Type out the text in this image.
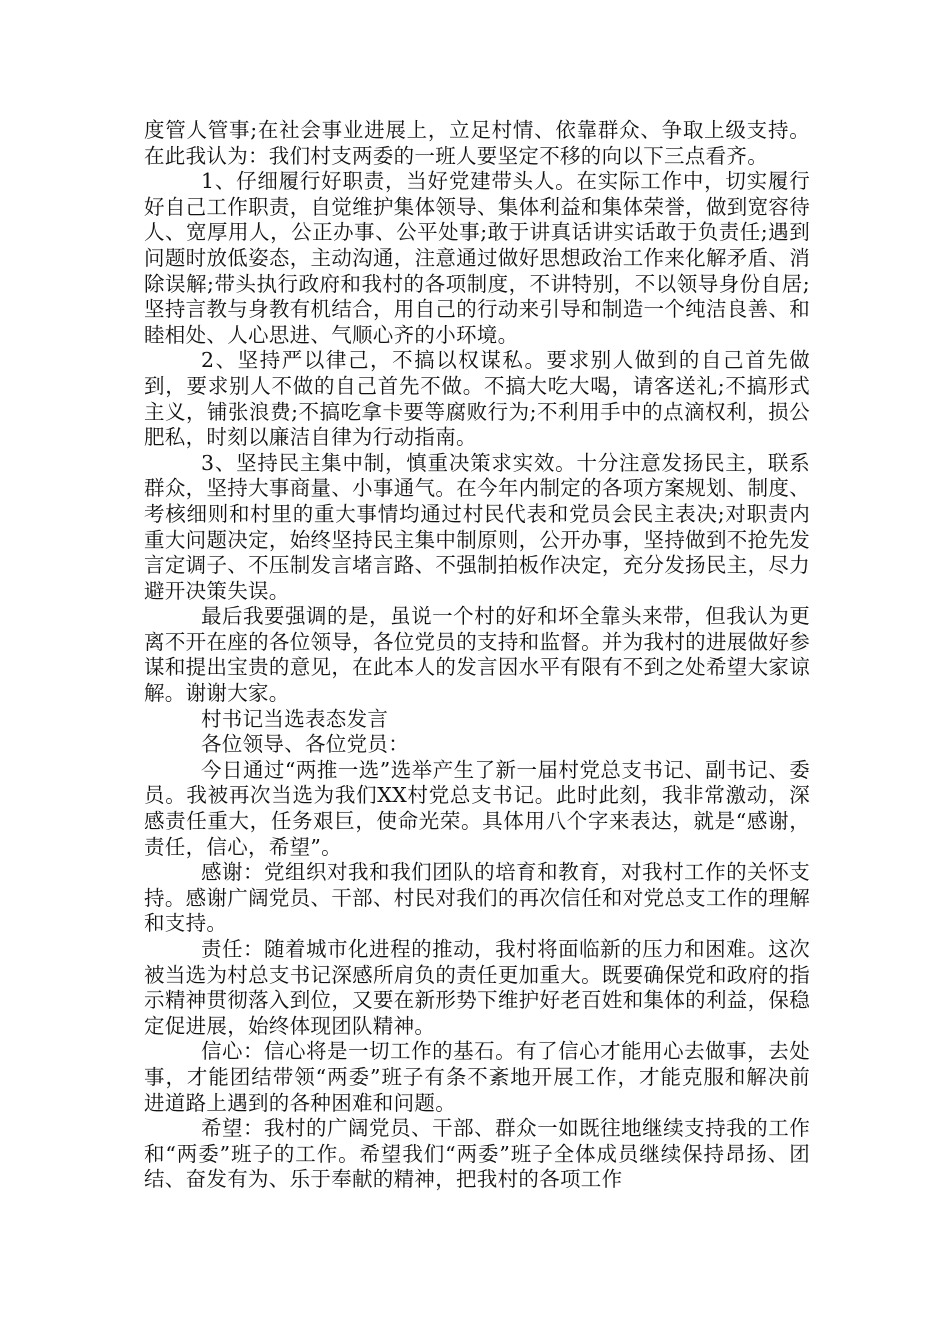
度管人管事;在社会事业进展上，立足村情、依靠群众、争取上级支持。在此我认为：我们村支两委的一班人要坚定不移的向以下三点看齐。

1、仔细履行好职责，当好党建带头人。在实际工作中，切实履行好自己工作职责，自觉维护集体领导、集体利益和集体荣誉，做到宽容待人、宽厚用人，公正办事、公平处事;敢于讲真话讲实话敢于负责任;遇到问题时放低姿态，主动沟通，注意通过做好思想政治工作来化解矛盾、消除误解;带头执行政府和我村的各项制度，不讲特别，不以领导身份自居;坚持言教与身教有机结合，用自己的行动来引导和制造一个纯洁良善、和睦相处、人心思进、气顺心齐的小环境。

2、坚持严以律己，不搞以权谋私。要求别人做到的自己首先做到，要求别人不做的自己首先不做。不搞大吃大喝，请客送礼;不搞形式主义，铺张浪费;不搞吃拿卡要等腐败行为;不利用手中的点滴权利，损公肥私，时刻以廉洁自律为行动指南。

3、坚持民主集中制，慎重决策求实效。十分注意发扬民主，联系群众，坚持大事商量、小事通气。在今年内制定的各项方案规划、制度、考核细则和村里的重大事情均通过村民代表和党员会民主表决;对职责内重大问题决定，始终坚持民主集中制原则，公开办事，坚持做到不抢先发言定调子、不压制发言堵言路、不强制拍板作决定，充分发扬民主，尽力避开决策失误。

最后我要强调的是，虽说一个村的好和坏全靠头来带，但我认为更离不开在座的各位领导，各位党员的支持和监督。并为我村的进展做好参谋和提出宝贵的意见，在此本人的发言因水平有限有不到之处希望大家谅解。谢谢大家。

村书记当选表态发言

各位领导、各位党员：

今日通过“两推一选”选举产生了新一届村党总支书记、副书记、委员。我被再次当选为我们XX村党总支书记。此时此刻，我非常激动，深感责任重大，任务艰巨，使命光荣。具体用八个字来表达，就是“感谢，责任，信心，希望”。

感谢：党组织对我和我们团队的培育和教育，对我村工作的关怀支持。感谢广阔党员、干部、村民对我们的再次信任和对党总支工作的理解和支持。

责任：随着城市化进程的推动，我村将面临新的压力和困难。这次被当选为村总支书记深感所肩负的责任更加重大。既要确保党和政府的指示精神贯彻落入到位，又要在新形势下维护好老百姓和集体的利益，保稳定促进展，始终体现团队精神。

信心：信心将是一切工作的基石。有了信心才能用心去做事，去处事，才能团结带领“两委”班子有条不紊地开展工作，才能克服和解决前进道路上遇到的各种困难和问题。

希望：我村的广阔党员、干部、群众一如既往地继续支持我的工作和“两委”班子的工作。希望我们“两委”班子全体成员继续保持昂扬、团结、奋发有为、乐于奉献的精神，把我村的各项工作
